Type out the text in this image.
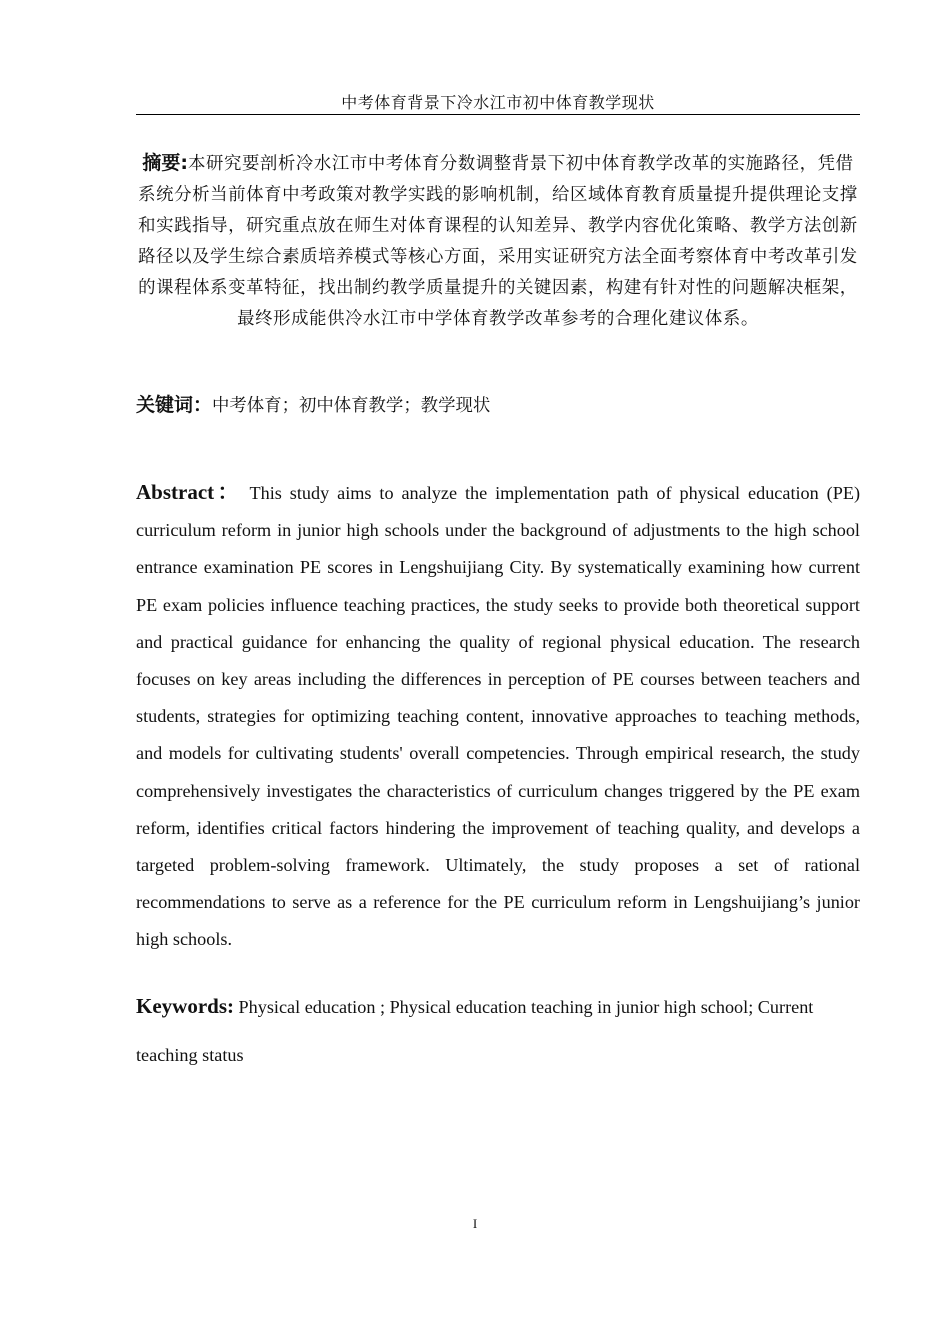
中考体育背景下冷水江市初中体育教学现状

摘要:本研究要剖析冷水江市中考体育分数调整背景下初中体育教学改革的实施路径，凭借系统分析当前体育中考政策对教学实践的影响机制，给区域体育教育质量提升提供理论支撑和实践指导，研究重点放在师生对体育课程的认知差异、教学内容优化策略、教学方法创新路径以及学生综合素质培养模式等核心方面，采用实证研究方法全面考察体育中考改革引发的课程体系变革特征，找出制约教学质量提升的关键因素，构建有针对性的问题解决框架，最终形成能供冷水江市中学体育教学改革参考的合理化建议体系。

关键词：中考体育；初中体育教学；教学现状

Abstract： This study aims to analyze the implementation path of physical education (PE) curriculum reform in junior high schools under the background of adjustments to the high school entrance examination PE scores in Lengshuijiang City. By systematically examining how current PE exam policies influence teaching practices, the study seeks to provide both theoretical support and practical guidance for enhancing the quality of regional physical education. The research focuses on key areas including the differences in perception of PE courses between teachers and students, strategies for optimizing teaching content, innovative approaches to teaching methods, and models for cultivating students' overall competencies. Through empirical research, the study comprehensively investigates the characteristics of curriculum changes triggered by the PE exam reform, identifies critical factors hindering the improvement of teaching quality, and develops a targeted problem-solving framework. Ultimately, the study proposes a set of rational recommendations to serve as a reference for the PE curriculum reform in Lengshuijiang’s junior high schools.

Keywords: Physical education ; Physical education teaching in junior high school; Current teaching status

I
